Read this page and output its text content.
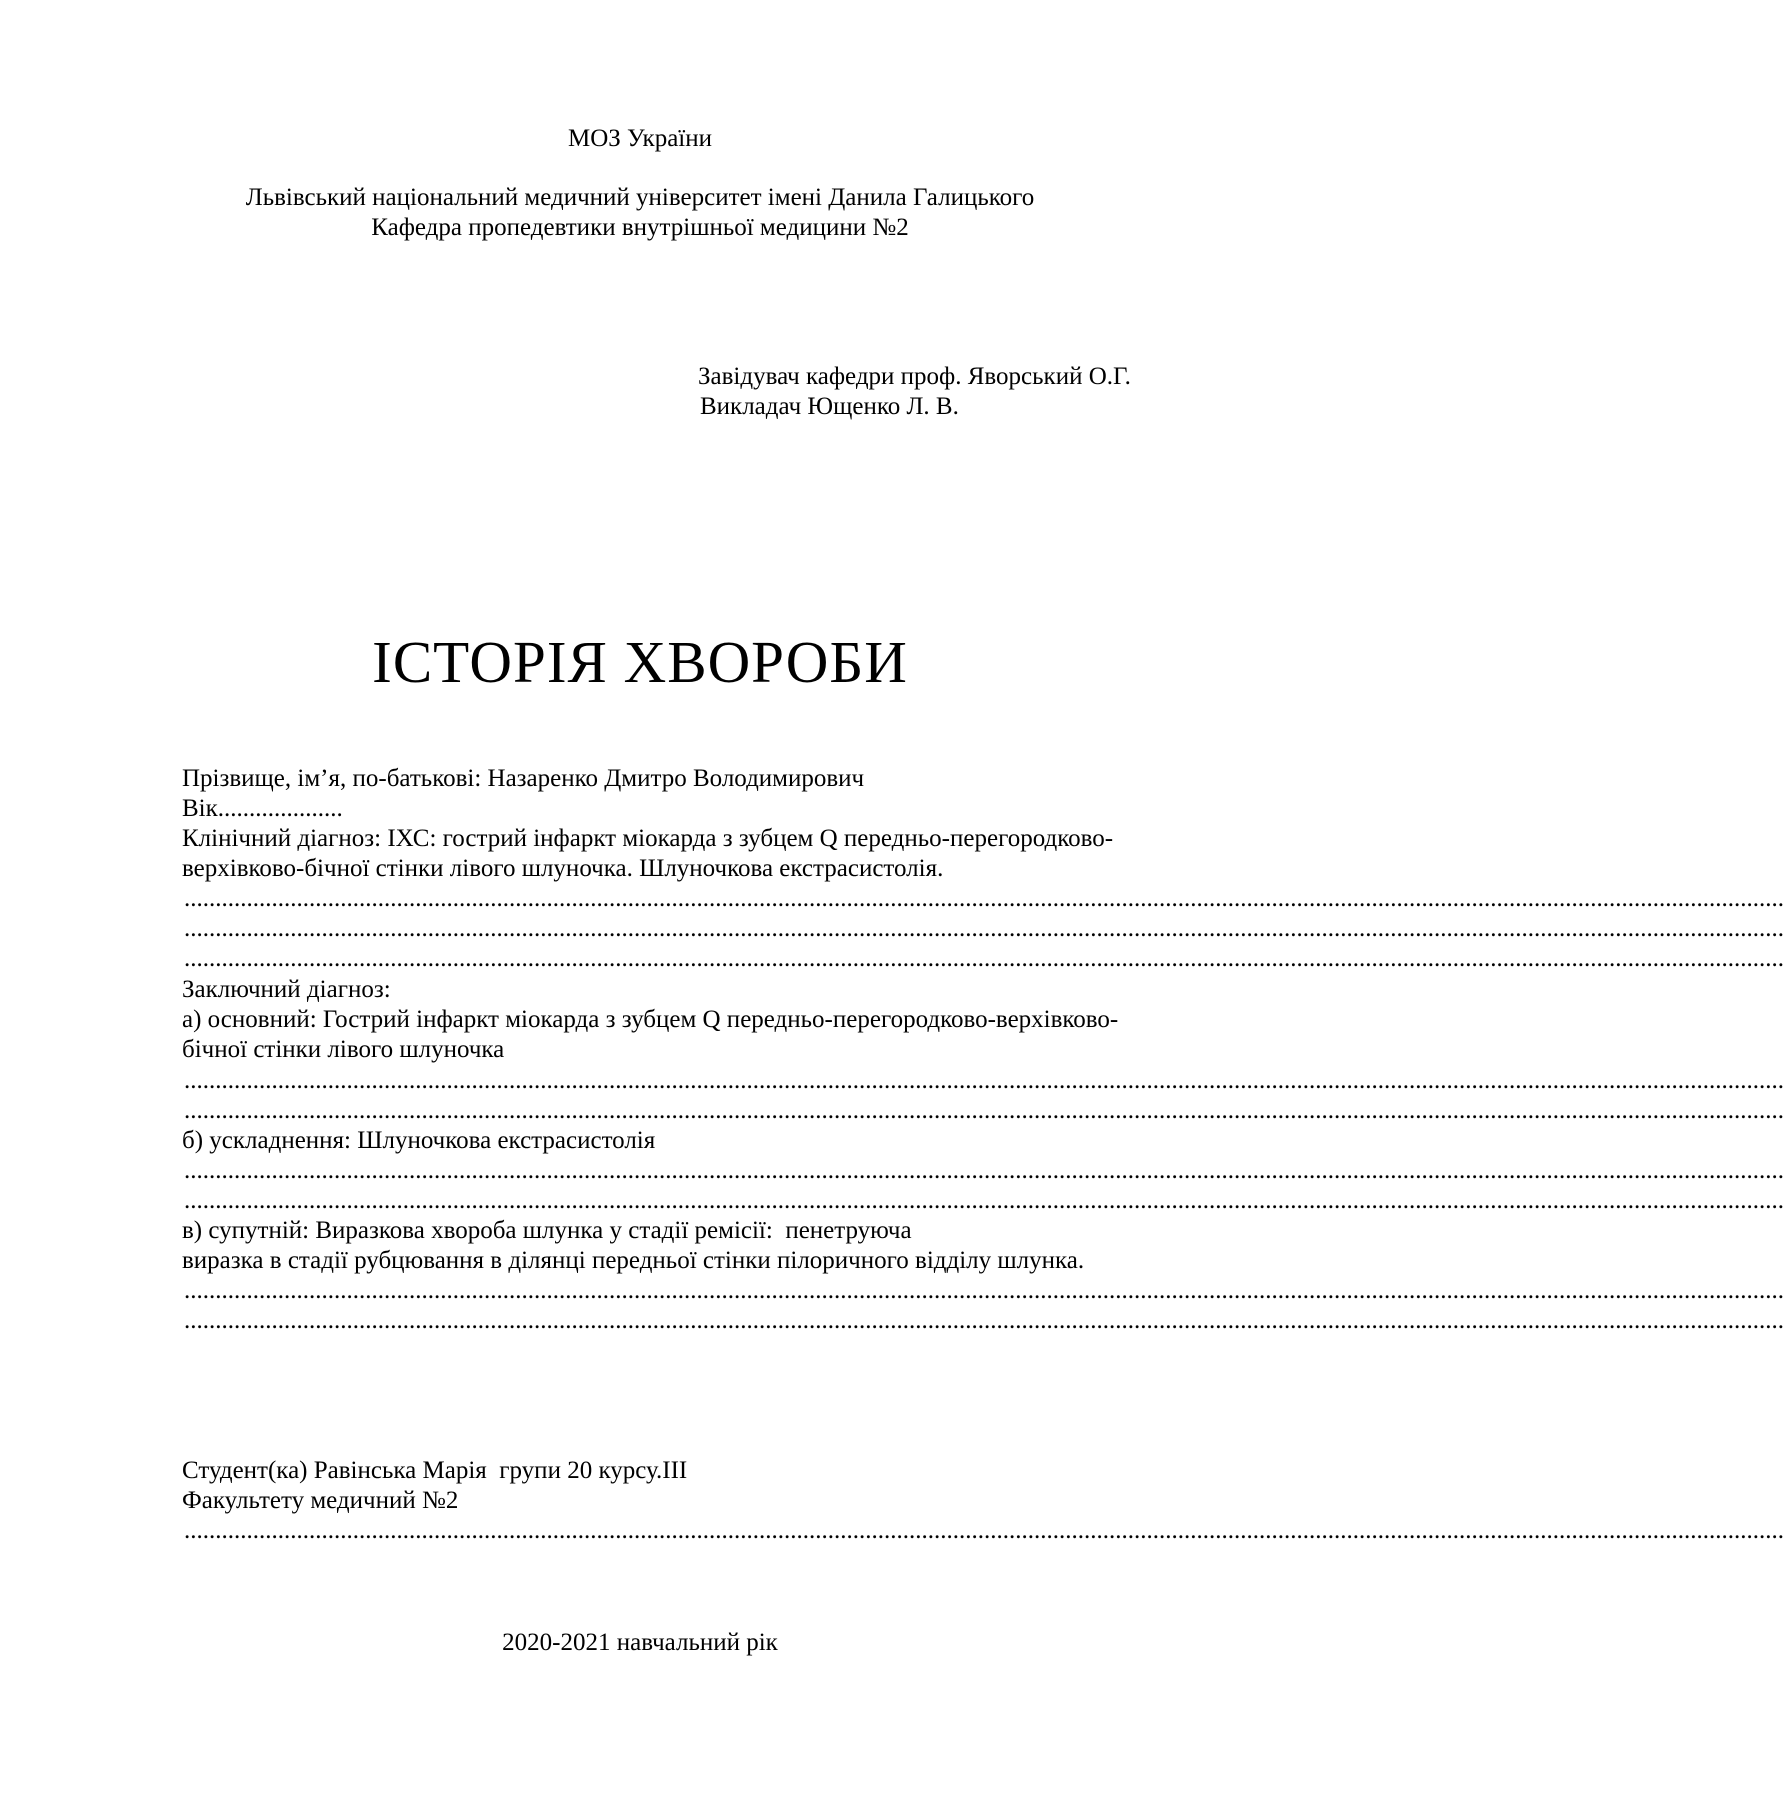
МОЗ України
Львівський національний медичний університет імені Данила Галицького
Кафедра пропедевтики внутрішньої медицини №2
Завідувач кафедри проф. Яворський О.Г.
Викладач Ющенко Л. В.
ІСТОРІЯ ХВОРОБИ
Прізвище, ім’я, по-батькові: Назаренко Дмитро Володимирович
Вік....................
Клінічний діагноз: ІХС: гострий інфаркт міокарда з зубцем Q передньо-перегородково-
верхівково-бічної стінки лівого шлуночка. Шлуночкова екстрасистолія.
................................................................................................................................................................................................................................................................
................................................................................................................................................................................................................................................................
................................................................................................................................................................................................................................................................
Заключний діагноз:
а) основний: Гострий інфаркт міокарда з зубцем Q передньо-перегородково-верхівково-
бічної стінки лівого шлуночка
................................................................................................................................................................................................................................................................
................................................................................................................................................................................................................................................................
б) ускладнення: Шлуночкова екстрасистолія
................................................................................................................................................................................................................................................................
................................................................................................................................................................................................................................................................
в) супутній: Виразкова хвороба шлунка у стадії ремісії:  пенетруюча
виразка в стадії рубцювання в ділянці передньої стінки пілоричного відділу шлунка.
................................................................................................................................................................................................................................................................
................................................................................................................................................................................................................................................................
Студент(ка) Равінська Марія  групи 20 курсу.III
Факультету медичний №2
................................................................................................................................................................................................................................................................
2020-2021 навчальний рік
